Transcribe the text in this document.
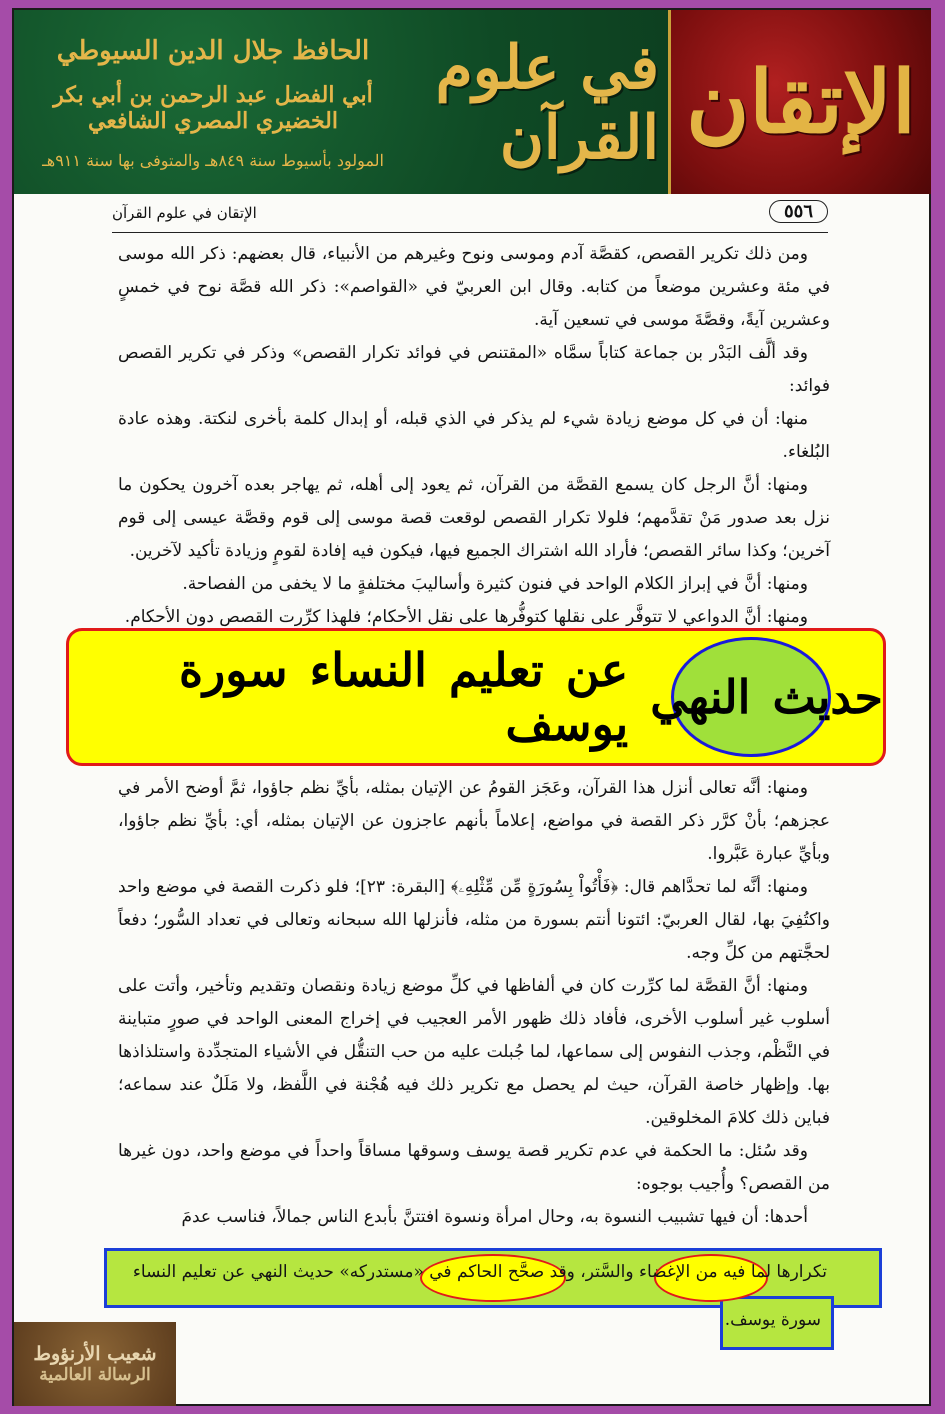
الإتقان
في علوم القرآن
الحافظ جلال الدين السيوطي
أبي الفضل عبد الرحمن بن أبي بكر الخضيري المصري الشافعي
المولود بأسيوط سنة ٨٤٩هـ والمتوفى بها سنة ٩١١هـ
٥٥٦
الإتقان في علوم القرآن

ومن ذلك تكرير القصص، كقصَّة آدم وموسى ونوح وغيرهم من الأنبياء، قال بعضهم: ذكر الله موسى في مئة وعشرين موضعاً من كتابه. وقال ابن العربيّ في «القواصم»: ذكر الله قصَّة نوح في خمسٍ وعشرين آيةً، وقصَّةَ موسى في تسعين آية.

وقد ألَّف البَدْر بن جماعة كتاباً سمَّاه «المقتنص في فوائد تكرار القصص» وذكر في تكرير القصص فوائد:

منها: أن في كل موضع زيادة شيء لم يذكر في الذي قبله، أو إبدال كلمة بأخرى لنكتة. وهذه عادة البُلغاء.

ومنها: أنَّ الرجل كان يسمع القصَّة من القرآن، ثم يعود إلى أهله، ثم يهاجر بعده آخرون يحكون ما نزل بعد صدور مَنْ تقدَّمهم؛ فلولا تكرار القصص لوقعت قصة موسى إلى قوم وقصَّة عيسى إلى قوم آخرين؛ وكذا سائر القصص؛ فأراد الله اشتراك الجميع فيها، فيكون فيه إفادة لقومٍ وزيادة تأكيد لآخرين.

ومنها: أنَّ في إبراز الكلام الواحد في فنون كثيرة وأساليبَ مختلفةٍ ما لا يخفى من الفصاحة.

ومنها: أنَّ الدواعي لا تتوفَّر على نقلها كتوفُّرها على نقل الأحكام؛ فلهذا كرِّرت القصص دون الأحكام.

حديث

النهي

عن تعليم النساء سورة يوسف

ومنها: أنَّه تعالى أنزل هذا القرآن، وعَجَز القومُ عن الإتيان بمثله، بأيِّ نظم جاؤوا، ثمَّ أوضح الأمر في عجزهم؛ بأنْ كرَّر ذكر القصة في مواضع، إعلاماً بأنهم عاجزون عن الإتيان بمثله، أي: بأيِّ نظم جاؤوا، وبأيِّ عبارة عَبَّروا.

ومنها: أنَّه لما تحدَّاهم قال: ﴿فَأْتُواْ بِسُورَةٍ مِّن مِّثْلِهِۦ﴾ [البقرة: ٢٣]؛ فلو ذكرت القصة في موضع واحد واكتُفِيَ بها، لقال العربيّ: ائتونا أنتم بسورة من مثله، فأنزلها الله سبحانه وتعالى في تعداد السُّور؛ دفعاً لحجَّتهم من كلِّ وجه.

ومنها: أنَّ القصَّة لما كرِّرت كان في ألفاظها في كلِّ موضع زيادة ونقصان وتقديم وتأخير، وأتت على أسلوب غير أسلوب الأخرى، فأفاد ذلك ظهور الأمر العجيب في إخراج المعنى الواحد في صورٍ متباينة في النَّظْم، وجذب النفوس إلى سماعها، لما جُبلت عليه من حب التنقُّل في الأشياء المتجدِّدة واستلذاذها بها. وإظهار خاصة القرآن، حيث لم يحصل مع تكرير ذلك فيه هُجْنة في اللَّفظ، ولا مَلَلٌ عند سماعه؛ فباين ذلك كلامَ المخلوقين.

وقد سُئل: ما الحكمة في عدم تكرير قصة يوسف وسوقها مساقاً واحداً في موضع واحد، دون غيرها من القصص؟ وأُجيب بوجوه:

أحدها: أن فيها تشبيب النسوة به، وحال امرأة ونسوة افتتنَّ بأبدع الناس جمالاً، فناسب عدمَ

تكرارها لما فيه من الإغضاء والسَّتر، وقد صحَّح الحاكم في «مستدركه» حديث النهي عن تعليم النساء
سورة يوسف.
شعيب الأرنؤوط
الرسالة العالمية
